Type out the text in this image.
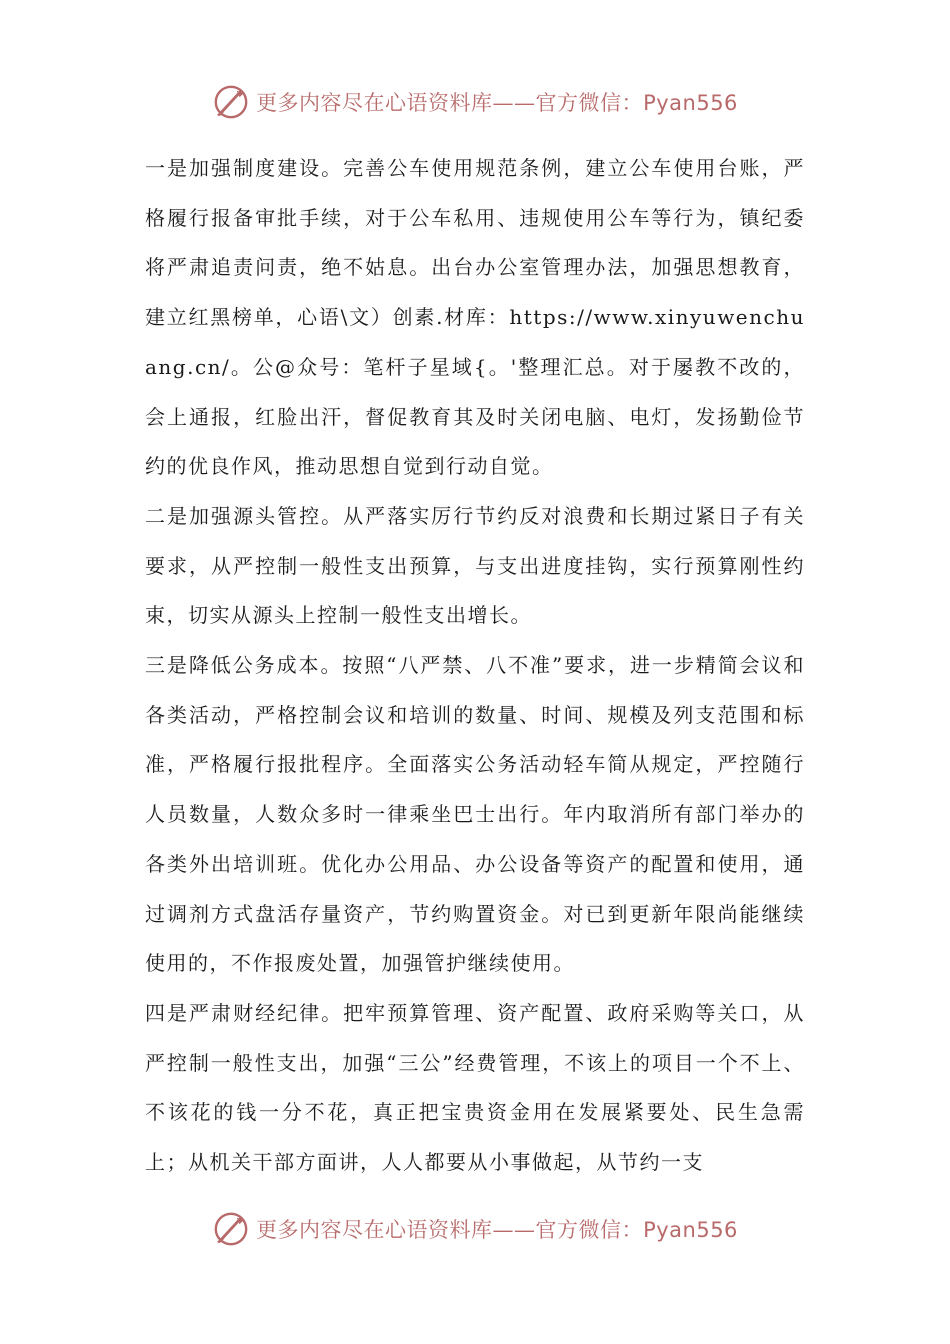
更多内容尽在心语资料库——官方微信：Pyan556

一是加强制度建设。完善公车使用规范条例，建立公车使用台账，严格履行报备审批手续，对于公车私用、违规使用公车等行为，镇纪委将严肃追责问责，绝不姑息。出台办公室管理办法，加强思想教育，建立红黑榜单，心语\文）创素.材库：https://www.xinyuwenchuang.cn/。公@众号：笔杆子星域{。'整理汇总。对于屡教不改的，会上通报，红脸出汗，督促教育其及时关闭电脑、电灯，发扬勤俭节约的优良作风，推动思想自觉到行动自觉。

二是加强源头管控。从严落实厉行节约反对浪费和长期过紧日子有关要求，从严控制一般性支出预算，与支出进度挂钩，实行预算刚性约束，切实从源头上控制一般性支出增长。

三是降低公务成本。按照“八严禁、八不准”要求，进一步精简会议和各类活动，严格控制会议和培训的数量、时间、规模及列支范围和标准，严格履行报批程序。全面落实公务活动轻车简从规定，严控随行人员数量，人数众多时一律乘坐巴士出行。年内取消所有部门举办的各类外出培训班。优化办公用品、办公设备等资产的配置和使用，通过调剂方式盘活存量资产，节约购置资金。对已到更新年限尚能继续使用的，不作报废处置，加强管护继续使用。

四是严肃财经纪律。把牢预算管理、资产配置、政府采购等关口，从严控制一般性支出，加强“三公”经费管理，不该上的项目一个不上、不该花的钱一分不花，真正把宝贵资金用在发展紧要处、民生急需上；从机关干部方面讲，人人都要从小事做起，从节约一支

更多内容尽在心语资料库——官方微信：Pyan556
